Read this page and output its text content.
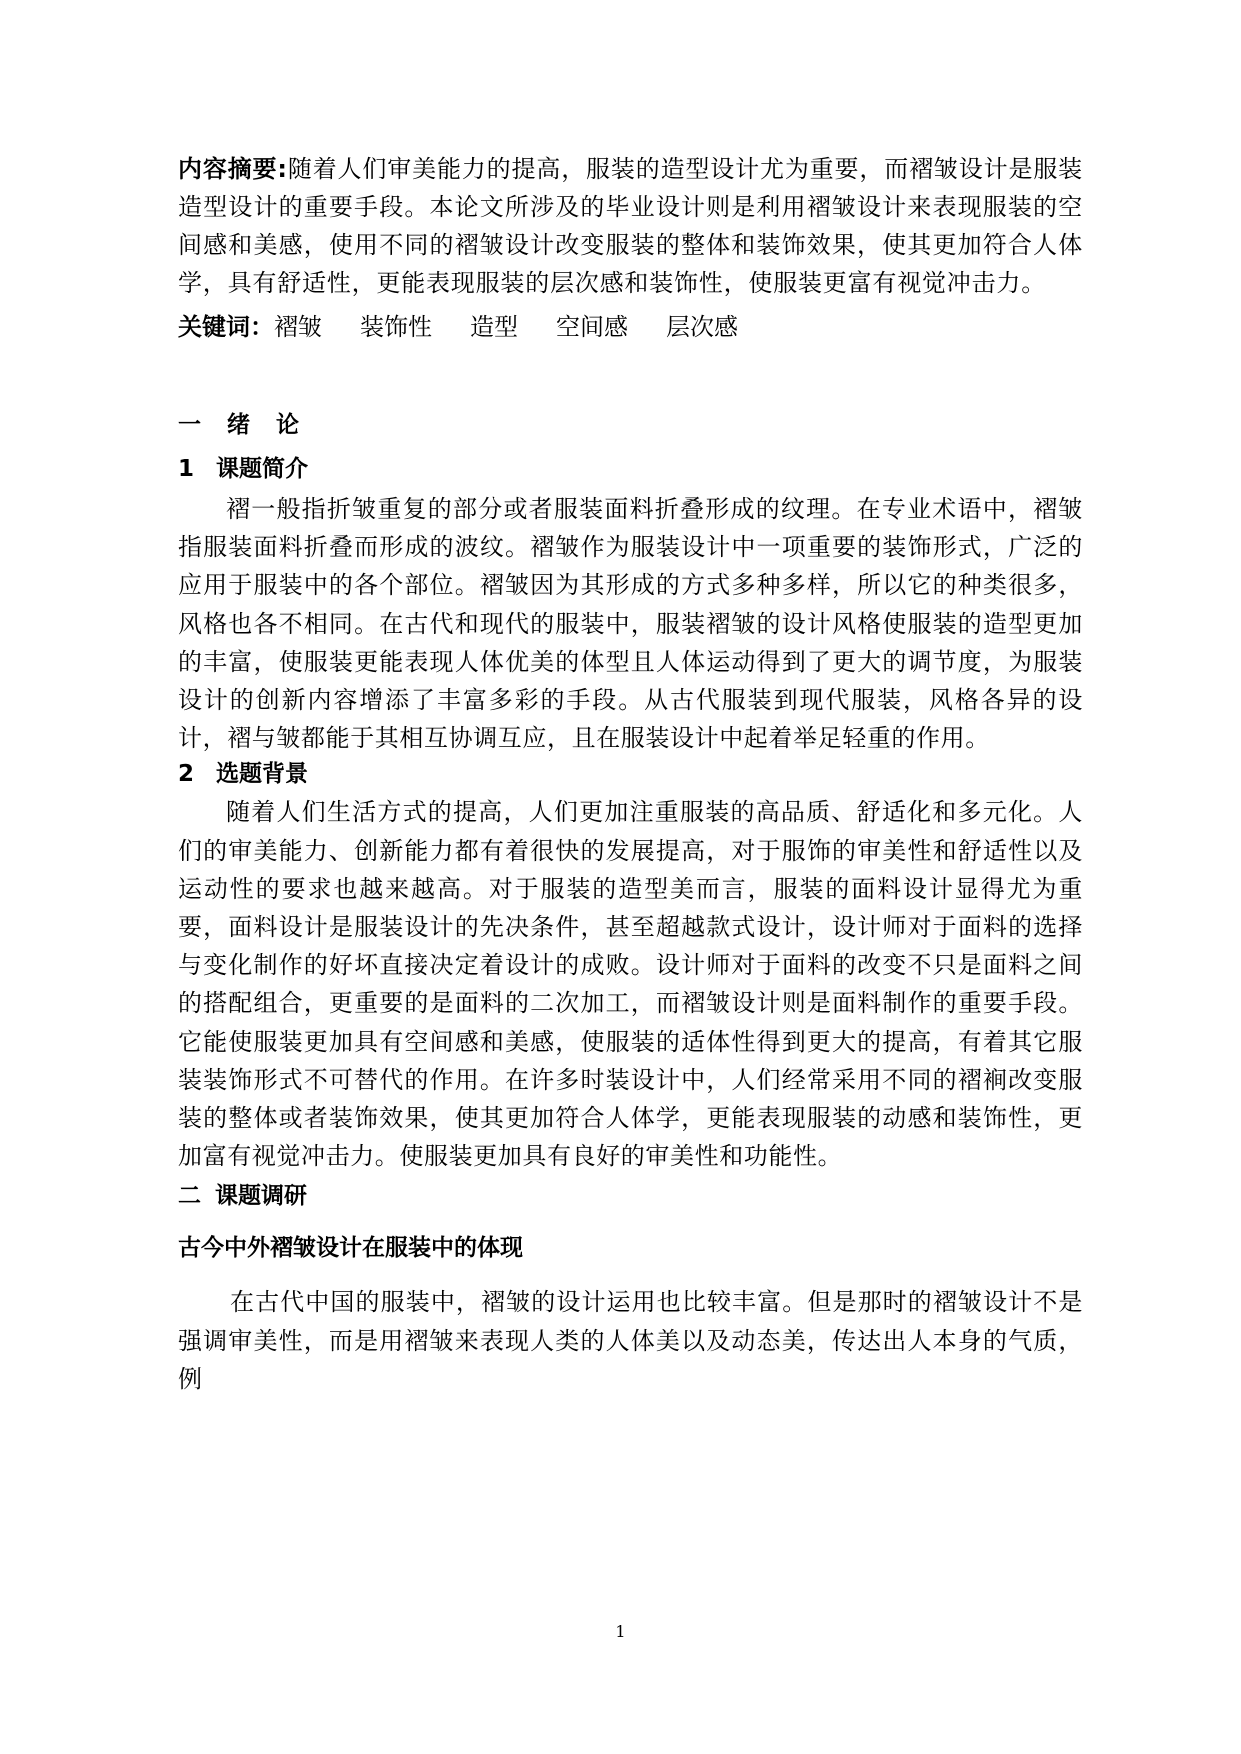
内容摘要:随着人们审美能力的提高，服装的造型设计尤为重要，而褶皱设计是服装造型设计的重要手段。本论文所涉及的毕业设计则是利用褶皱设计来表现服装的空间感和美感，使用不同的褶皱设计改变服装的整体和装饰效果，使其更加符合人体学，具有舒适性，更能表现服装的层次感和装饰性，使服装更富有视觉冲击力。

关键词：褶皱 装饰性 造型 空间感 层次感
一 绪 论
1 课题简介

褶一般指折皱重复的部分或者服装面料折叠形成的纹理。在专业术语中，褶皱指服装面料折叠而形成的波纹。褶皱作为服装设计中一项重要的装饰形式，广泛的应用于服装中的各个部位。褶皱因为其形成的方式多种多样，所以它的种类很多，风格也各不相同。在古代和现代的服装中，服装褶皱的设计风格使服装的造型更加的丰富，使服装更能表现人体优美的体型且人体运动得到了更大的调节度，为服装设计的创新内容增添了丰富多彩的手段。从古代服装到现代服装，风格各异的设计，褶与皱都能于其相互协调互应，且在服装设计中起着举足轻重的作用。

2 选题背景

随着人们生活方式的提高，人们更加注重服装的高品质、舒适化和多元化。人们的审美能力、创新能力都有着很快的发展提高，对于服饰的审美性和舒适性以及运动性的要求也越来越高。对于服装的造型美而言，服装的面料设计显得尤为重要，面料设计是服装设计的先决条件，甚至超越款式设计，设计师对于面料的选择与变化制作的好坏直接决定着设计的成败。设计师对于面料的改变不只是面料之间的搭配组合，更重要的是面料的二次加工，而褶皱设计则是面料制作的重要手段。它能使服装更加具有空间感和美感，使服装的适体性得到更大的提高，有着其它服装装饰形式不可替代的作用。在许多时装设计中，人们经常采用不同的褶裥改变服装的整体或者装饰效果，使其更加符合人体学，更能表现服装的动感和装饰性，更加富有视觉冲击力。使服装更加具有良好的审美性和功能性。

二 课题调研
古今中外褶皱设计在服装中的体现

在古代中国的服装中，褶皱的设计运用也比较丰富。但是那时的褶皱设计不是强调审美性，而是用褶皱来表现人类的人体美以及动态美，传达出人本身的气质，例

1
